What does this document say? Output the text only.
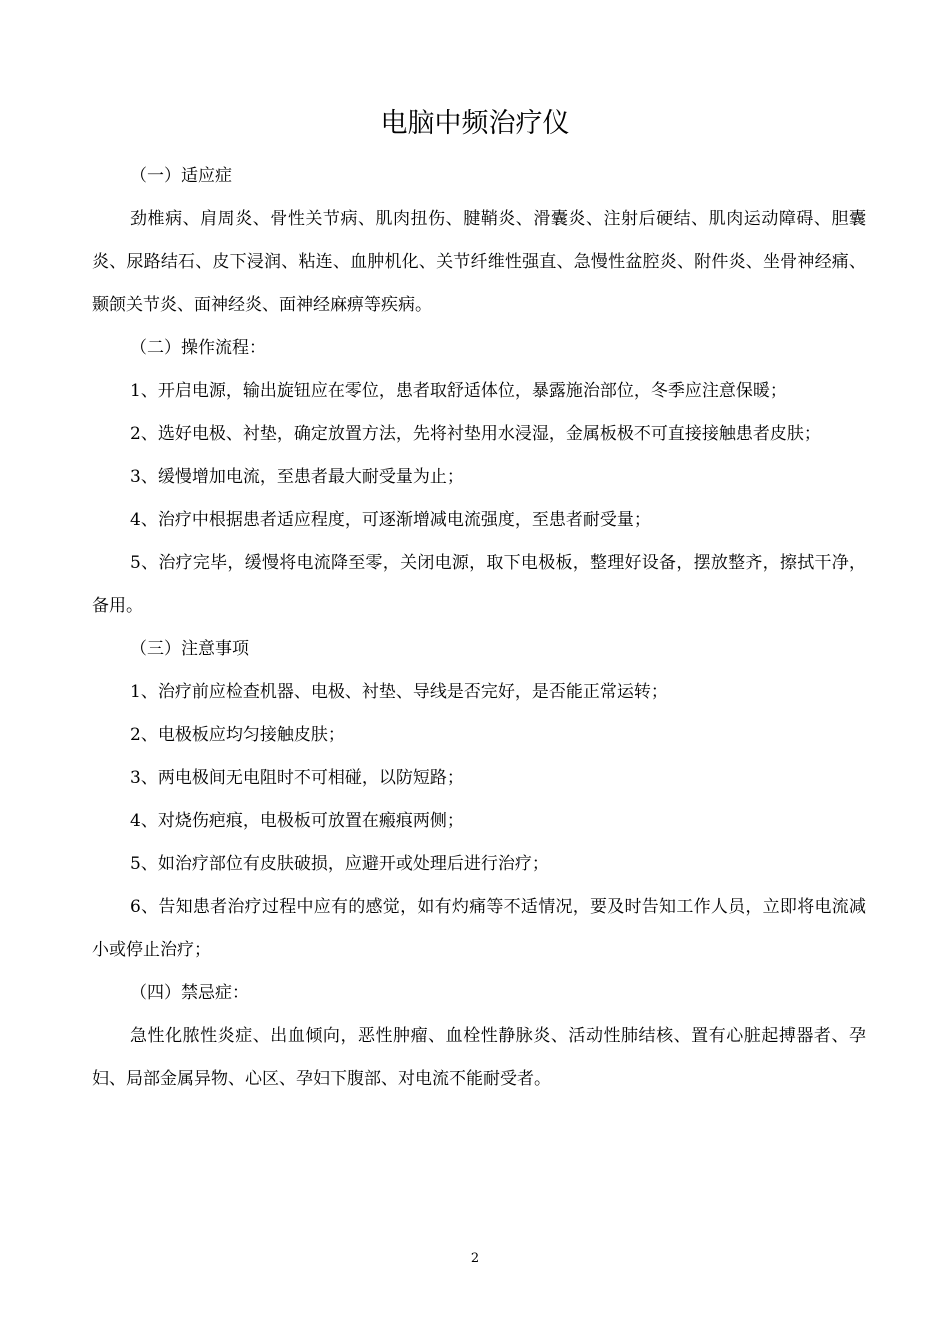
电脑中频治疗仪

（一）适应症

劲椎病、肩周炎、骨性关节病、肌肉扭伤、腱鞘炎、滑囊炎、注射后硬结、肌肉运动障碍、胆囊炎、尿路结石、皮下浸润、粘连、血肿机化、关节纤维性强直、急慢性盆腔炎、附件炎、坐骨神经痛、颞颌关节炎、面神经炎、面神经麻痹等疾病。

（二）操作流程：

1、开启电源，输出旋钮应在零位，患者取舒适体位，暴露施治部位，冬季应注意保暖；

2、选好电极、衬垫，确定放置方法，先将衬垫用水浸湿，金属板极不可直接接触患者皮肤；

3、缓慢增加电流，至患者最大耐受量为止；

4、治疗中根据患者适应程度，可逐渐增减电流强度，至患者耐受量；

5、治疗完毕，缓慢将电流降至零，关闭电源，取下电极板，整理好设备，摆放整齐，擦拭干净，备用。

（三）注意事项

1、治疗前应检查机器、电极、衬垫、导线是否完好，是否能正常运转；

2、电极板应均匀接触皮肤；

3、两电极间无电阻时不可相碰，以防短路；

4、对烧伤疤痕，电极板可放置在瘢痕两侧；

5、如治疗部位有皮肤破损，应避开或处理后进行治疗；

6、告知患者治疗过程中应有的感觉，如有灼痛等不适情况，要及时告知工作人员，立即将电流减小或停止治疗；

（四）禁忌症：

急性化脓性炎症、出血倾向，恶性肿瘤、血栓性静脉炎、活动性肺结核、置有心脏起搏器者、孕妇、局部金属异物、心区、孕妇下腹部、对电流不能耐受者。

2
